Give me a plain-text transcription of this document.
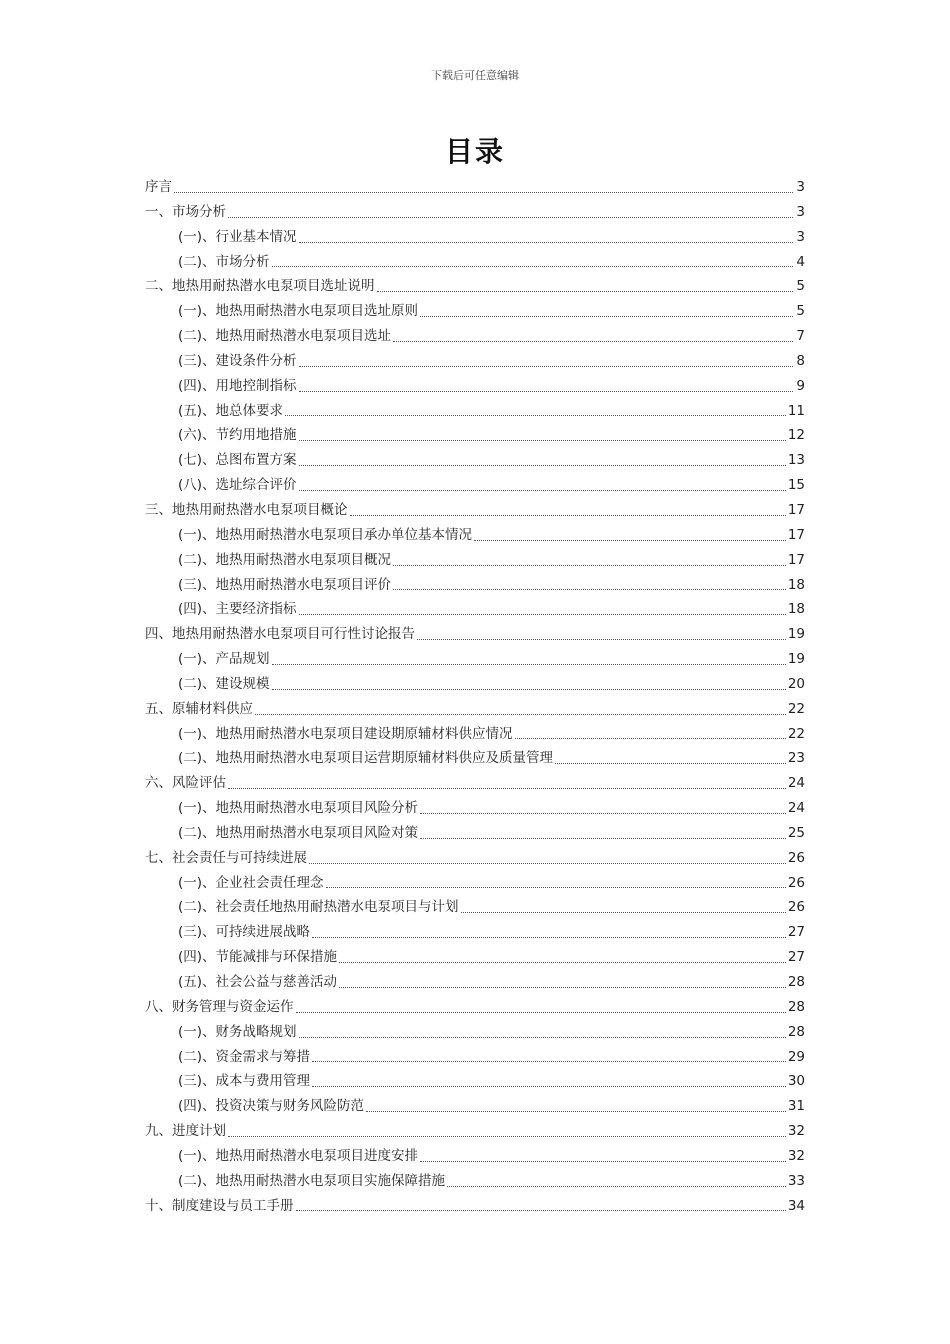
下载后可任意编辑
目录
序言	3
一、市场分析	3
(一)、行业基本情况	3
(二)、市场分析	4
二、地热用耐热潜水电泵项目选址说明	5
(一)、地热用耐热潜水电泵项目选址原则	5
(二)、地热用耐热潜水电泵项目选址	7
(三)、建设条件分析	8
(四)、用地控制指标	9
(五)、地总体要求	11
(六)、节约用地措施	12
(七)、总图布置方案	13
(八)、选址综合评价	15
三、地热用耐热潜水电泵项目概论	17
(一)、地热用耐热潜水电泵项目承办单位基本情况	17
(二)、地热用耐热潜水电泵项目概况	17
(三)、地热用耐热潜水电泵项目评价	18
(四)、主要经济指标	18
四、地热用耐热潜水电泵项目可行性讨论报告	19
(一)、产品规划	19
(二)、建设规模	20
五、原辅材料供应	22
(一)、地热用耐热潜水电泵项目建设期原辅材料供应情况	22
(二)、地热用耐热潜水电泵项目运营期原辅材料供应及质量管理	23
六、风险评估	24
(一)、地热用耐热潜水电泵项目风险分析	24
(二)、地热用耐热潜水电泵项目风险对策	25
七、社会责任与可持续进展	26
(一)、企业社会责任理念	26
(二)、社会责任地热用耐热潜水电泵项目与计划	26
(三)、可持续进展战略	27
(四)、节能减排与环保措施	27
(五)、社会公益与慈善活动	28
八、财务管理与资金运作	28
(一)、财务战略规划	28
(二)、资金需求与筹措	29
(三)、成本与费用管理	30
(四)、投资决策与财务风险防范	31
九、进度计划	32
(一)、地热用耐热潜水电泵项目进度安排	32
(二)、地热用耐热潜水电泵项目实施保障措施	33
十、制度建设与员工手册	34
